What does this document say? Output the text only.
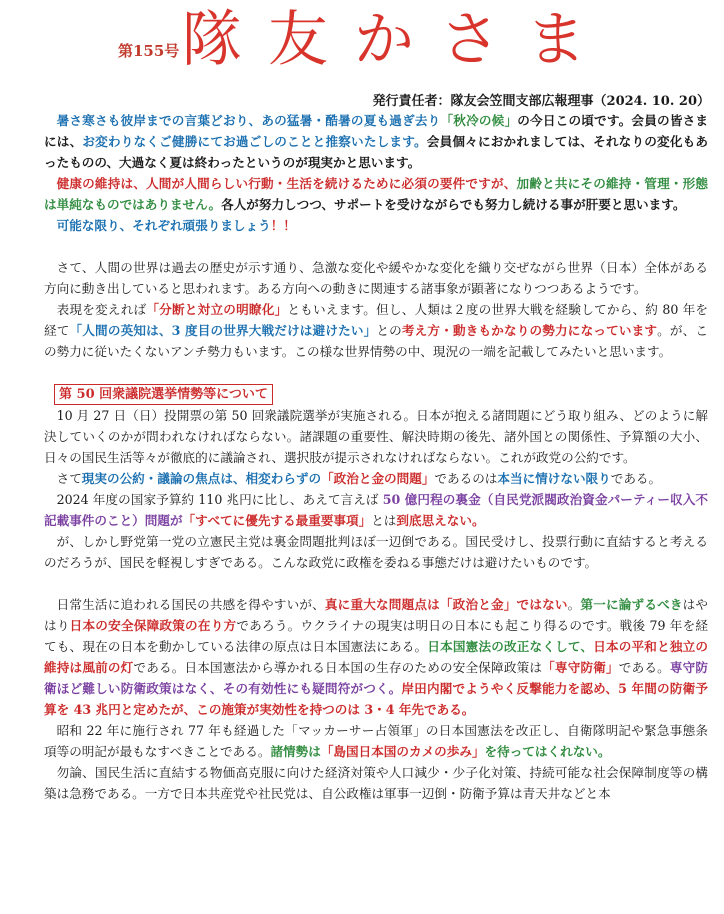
第155号 隊友かさま
発行責任者：隊友会笠間支部広報理事（2024. 10. 20）

暑さ寒さも彼岸までの言葉どおり、あの猛暑・酷暑の夏も過ぎ去り「秋冷の候」の今日この頃です。会員の皆さまには、お変わりなくご健勝にてお過ごしのことと推察いたします。会員個々におかれましては、それなりの変化もあったものの、大過なく夏は終わったというのが現実かと思います。

健康の維持は、人間が人間らしい行動・生活を続けるために必須の要件ですが、加齢と共にその維持・管理・形態は単純なものではありません。各人が努力しつつ、サポートを受けながらでも努力し続ける事が肝要と思います。

可能な限り、それぞれ頑張りましょう！！

さて、人間の世界は過去の歴史が示す通り、急激な変化や緩やかな変化を織り交ぜながら世界（日本）全体がある方向に動き出していると思われます。ある方向への動きに関連する諸事象が顕著になりつつあるようです。

表現を変えれば「分断と対立の明瞭化」ともいえます。但し、人類は２度の世界大戦を経験してから、約 80 年を経て「人間の英知は、3 度目の世界大戦だけは避けたい」との考え方・動きもかなりの勢力になっています。が、この勢力に従いたくないアンチ勢力もいます。この様な世界情勢の中、現況の一端を記載してみたいと思います。

第 50 回衆議院選挙情勢等について

10 月 27 日（日）投開票の第 50 回衆議院選挙が実施される。日本が抱える諸問題にどう取り組み、どのように解決していくのかが問われなければならない。諸課題の重要性、解決時期の後先、諸外国との関係性、予算額の大小、日々の国民生活等々が徹底的に議論され、選択肢が提示されなければならない。これが政党の公約です。

さて現実の公約・議論の焦点は、相変わらずの「政治と金の問題」であるのは本当に情けない限りである。

2024 年度の国家予算約 110 兆円に比し、あえて言えば 50 億円程の裏金（自民党派閥政治資金パーティー収入不記載事件のこと）問題が「すべてに優先する最重要事項」とは到底思えない。

が、しかし野党第一党の立憲民主党は裏金問題批判ほぼ一辺倒である。国民受けし、投票行動に直結すると考えるのだろうが、国民を軽視しすぎである。こんな政党に政権を委ねる事態だけは避けたいものです。

日常生活に追われる国民の共感を得やすいが、真に重大な問題点は「政治と金」ではない。第一に論ずるべきはやはり日本の安全保障政策の在り方であろう。ウクライナの現実は明日の日本にも起こり得るのです。戦後 79 年を経ても、現在の日本を動かしている法律の原点は日本国憲法にある。日本国憲法の改正なくして、日本の平和と独立の維持は風前の灯である。日本国憲法から導かれる日本国の生存のための安全保障政策は「専守防衛」である。専守防衛ほど難しい防衛政策はなく、その有効性にも疑問符がつく。岸田内閣でようやく反撃能力を認め、5 年間の防衛予算を 43 兆円と定めたが、この施策が実効性を持つのは 3・4 年先である。

昭和 22 年に施行され 77 年も経過した「マッカーサー占領軍」の日本国憲法を改正し、自衛隊明記や緊急事態条項等の明記が最もなすべきことである。諸情勢は「島国日本国のカメの歩み」を待ってはくれない。

勿論、国民生活に直結する物価高克服に向けた経済対策や人口減少・少子化対策、持続可能な社会保障制度等の構築は急務である。一方で日本共産党や社民党は、自公政権は軍事一辺倒・防衛予算は青天井などと本
